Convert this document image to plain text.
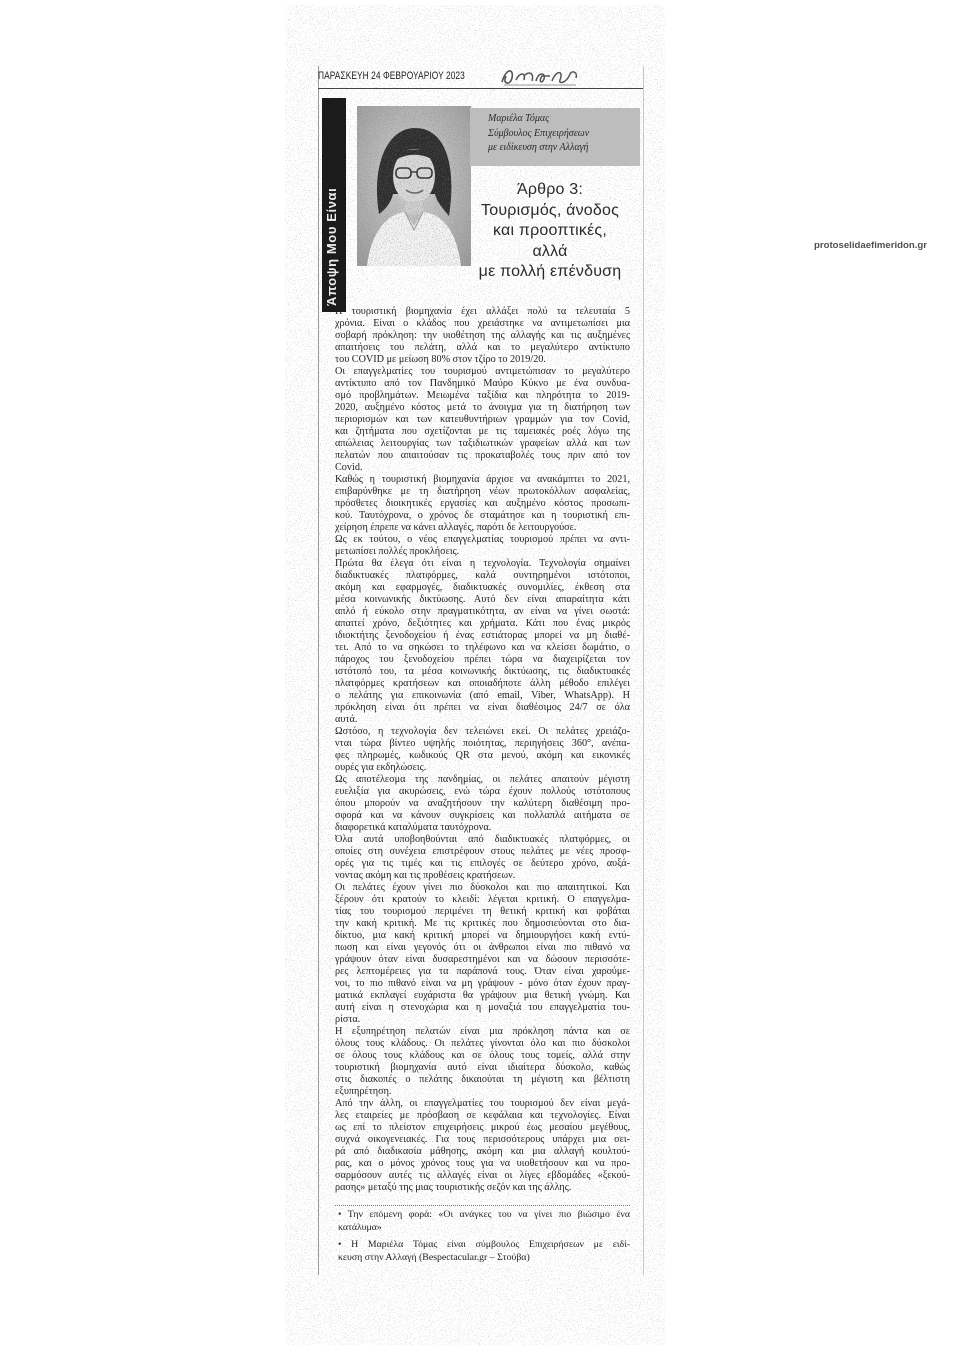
ΠΑΡΑΣΚΕΥΗ 24 ΦΕΒΡΟΥΑΡΙΟΥ 2023
Άποψη Μου Είναι
Μαριέλα Τόμας
Σύμβουλος Επιχειρήσεων
με ειδίκευση στην Αλλαγή
Άρθρο 3:
Τουρισμός, άνοδος
και προοπτικές,
αλλά
με πολλή επένδυση
Η τουριστική βιομηχανία έχει αλλάξει πολύ τα τελευταία 5
χρόνια. Είναι ο κλάδος που χρειάστηκε να αντιμετωπίσει μια
σοβαρή πρόκληση: την υιοθέτηση της αλλαγής και τις αυξημένες
απαιτήσεις του πελάτη, αλλά και το μεγαλύτερο αντίκτυπο
του COVID με μείωση 80% στον τζίρο το 2019/20.
Οι επαγγελματίες του τουρισμού αντιμετώπισαν το μεγαλύτερο
αντίκτυπο από τον Πανδημικό Μαύρο Κύκνο με ένα συνδυα-
σμό προβλημάτων. Μειωμένα ταξίδια και πληρότητα το 2019-
2020, αυξημένο κόστος μετά το άνοιγμα για τη διατήρηση των
περιορισμών και των κατευθυντήριων γραμμών για τον Covid,
και ζητήματα που σχετίζονται με τις ταμειακές ροές λόγω της
απώλειας λειτουργίας των ταξιδιωτικών γραφείων αλλά και των
πελατών που απαιτούσαν τις προκαταβολές τους πριν από τον
Covid.
Καθώς η τουριστική βιομηχανία άρχισε να ανακάμπτει το 2021,
επιβαρύνθηκε με τη διατήρηση νέων πρωτοκόλλων ασφαλείας,
πρόσθετες διοικητικές εργασίες και αυξημένο κόστος προσωπι-
κού. Ταυτόχρονα, ο χρόνος δε σταμάτησε και η τουριστική επι-
χείρηση έπρεπε να κάνει αλλαγές, παρότι δε λειτουργούσε.
Ως εκ τούτου, ο νέος επαγγελματίας τουρισμού πρέπει να αντι-
μετωπίσει πολλές προκλήσεις.
Πρώτα θα έλεγα ότι είναι η τεχνολογία. Τεχνολογία σημαίνει
διαδικτυακές πλατφόρμες, καλά συντηρημένοι ιστότοποι,
ακόμη και εφαρμογές, διαδικτυακές συνομιλίες, έκθεση στα
μέσα κοινωνικής δικτύωσης. Αυτό δεν είναι απαραίτητα κάτι
απλό ή εύκολο στην πραγματικότητα, αν είναι να γίνει σωστά:
απαιτεί χρόνο, δεξιότητες και χρήματα. Κάτι που ένας μικρός
ιδιοκτήτης ξενοδοχείου ή ένας εστιάτορας μπορεί να μη διαθέ-
τει. Από το να σηκώσει το τηλέφωνο και να κλείσει δωμάτιο, ο
πάροχος του ξενοδοχείου πρέπει τώρα να διαχειρίζεται τον
ιστότοπό του, τα μέσα κοινωνικής δικτύωσης, τις διαδικτυακές
πλατφόρμες κρατήσεων και οποιαδήποτε άλλη μέθοδο επιλέγει
ο πελάτης για επικοινωνία (από email, Viber, WhatsApp). Η
πρόκληση είναι ότι πρέπει να είναι διαθέσιμος 24/7 σε όλα
αυτά.
Ωστόσο, η τεχνολογία δεν τελειώνει εκεί. Οι πελάτες χρειάζο-
νται τώρα βίντεο υψηλής ποιότητας, περιηγήσεις 360°, ανέπα-
φες πληρωμές, κωδικούς QR στα μενού, ακόμη και εικονικές
ουρές για εκδηλώσεις.
Ως αποτέλεσμα της πανδημίας, οι πελάτες απαιτούν μέγιστη
ευελιξία για ακυρώσεις, ενώ τώρα έχουν πολλούς ιστότοπους
όπου μπορούν να αναζητήσουν την καλύτερη διαθέσιμη προ-
σφορά και να κάνουν συγκρίσεις και πολλαπλά αιτήματα σε
διαφορετικά καταλύματα ταυτόχρονα.
Όλα αυτά υποβοηθούνται από διαδικτυακές πλατφόρμες, οι
οποίες στη συνέχεια επιστρέφουν στους πελάτες με νέες προσφ-
ορές για τις τιμές και τις επιλογές σε δεύτερο χρόνο, αυξά-
νοντας ακόμη και τις προθέσεις κρατήσεων.
Οι πελάτες έχουν γίνει πιο δύσκολοι και πιο απαιτητικοί. Και
ξέρουν ότι κρατούν το κλειδί: λέγεται κριτική. Ο επαγγελμα-
τίας του τουρισμού περιμένει τη θετική κριτική και φοβάται
την κακή κριτική. Με τις κριτικές που δημοσιεύονται στο δια-
δίκτυο, μια κακή κριτική μπορεί να δημιουργήσει κακή εντύ-
πωση και είναι γεγονός ότι οι άνθρωποι είναι πιο πιθανό να
γράψουν όταν είναι δυσαρεστημένοι και να δώσουν περισσότε-
ρες λεπτομέρειες για τα παράπονά τους. Όταν είναι χαρούμε-
νοι, το πιο πιθανό είναι να μη γράψουν - μόνο όταν έχουν πραγ-
ματικά εκπλαγεί ευχάριστα θα γράψουν μια θετική γνώμη. Και
αυτή είναι η στενοχώρια και η μοναξιά του επαγγελματία του-
ρίστα.
Η εξυπηρέτηση πελατών είναι μια πρόκληση πάντα και σε
όλους τους κλάδους. Οι πελάτες γίνονται όλο και πιο δύσκολοι
σε όλους τους κλάδους και σε όλους τους τομείς, αλλά στην
τουριστική βιομηχανία αυτό είναι ιδιαίτερα δύσκολο, καθώς
στις διακοπές ο πελάτης δικαιούται τη μέγιστη και βέλτιστη
εξυπηρέτηση.
Από την άλλη, οι επαγγελματίες του τουρισμού δεν είναι μεγά-
λες εταιρείες με πρόσβαση σε κεφάλαια και τεχνολογίες. Είναι
ως επί το πλείστον επιχειρήσεις μικρού έως μεσαίου μεγέθους,
συχνά οικογενειακές. Για τους περισσότερους υπάρχει μια σει-
ρά από διαδικασία μάθησης, ακόμη και μια αλλαγή κουλτού-
ρας, και ο μόνος χρόνος τους για να υιοθετήσουν και να προ-
σαρμόσουν αυτές τις αλλαγές είναι οι λίγες εβδομάδες «ξεκού-
ρασης» μεταξύ της μιας τουριστικής σεζόν και της άλλης.
• Την επόμενη φορά: «Οι ανάγκες του να γίνει πιο βιώσιμο ένα
κατάλυμα»
• Η Μαριέλα Τόμας είναι σύμβουλος Επιχειρήσεων με ειδί-
κευση στην Αλλαγή (Bespectacular.gr – Στούβα)
protoselidaefimeridon.gr
